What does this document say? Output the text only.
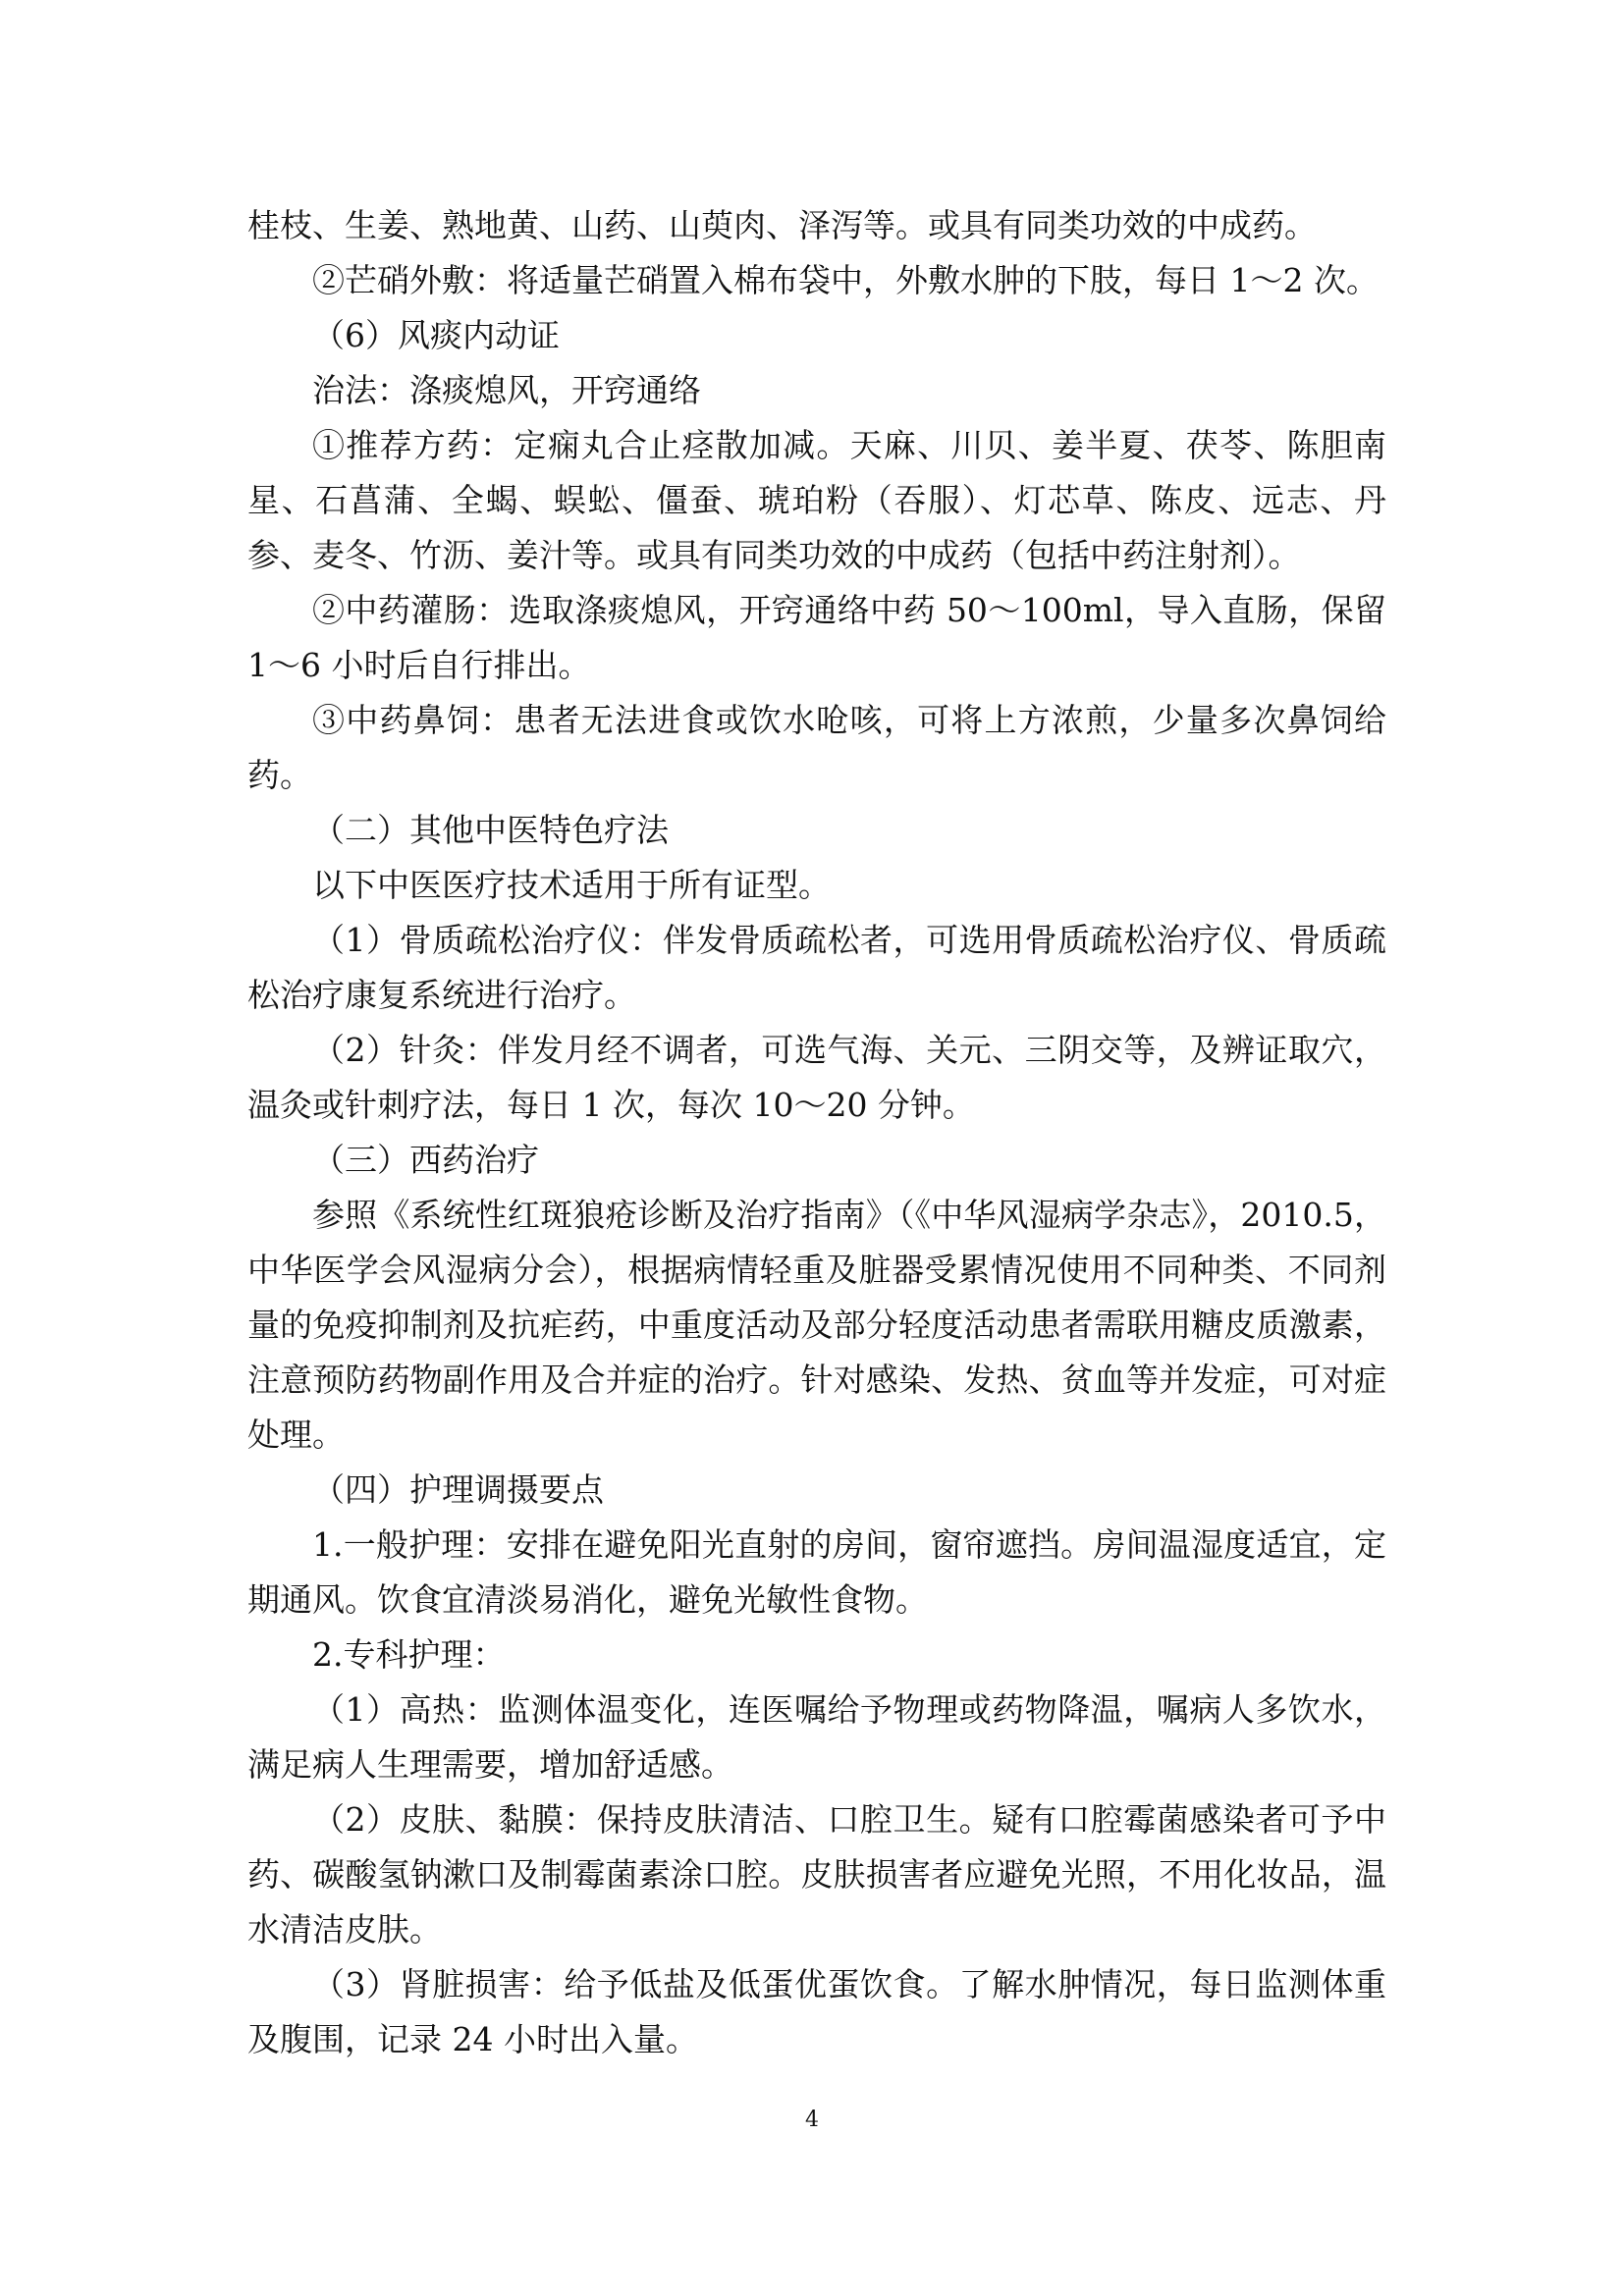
桂枝、生姜、熟地黄、山药、山萸肉、泽泻等。或具有同类功效的中成药。

②芒硝外敷：将适量芒硝置入棉布袋中，外敷水肿的下肢，每日 1～2 次。

（6）风痰内动证

治法：涤痰熄风，开窍通络

①推荐方药：定痫丸合止痉散加减。天麻、川贝、姜半夏、茯苓、陈胆南星、石菖蒲、全蝎、蜈蚣、僵蚕、琥珀粉（吞服）、灯芯草、陈皮、远志、丹参、麦冬、竹沥、姜汁等。或具有同类功效的中成药（包括中药注射剂）。

②中药灌肠：选取涤痰熄风，开窍通络中药 50～100ml，导入直肠，保留 1～6 小时后自行排出。

③中药鼻饲：患者无法进食或饮水呛咳，可将上方浓煎，少量多次鼻饲给药。

（二）其他中医特色疗法

以下中医医疗技术适用于所有证型。

（1）骨质疏松治疗仪：伴发骨质疏松者，可选用骨质疏松治疗仪、骨质疏松治疗康复系统进行治疗。

（2）针灸：伴发月经不调者，可选气海、关元、三阴交等，及辨证取穴，温灸或针刺疗法，每日 1 次，每次 10～20 分钟。

（三）西药治疗

参照《系统性红斑狼疮诊断及治疗指南》（《中华风湿病学杂志》，2010.5，中华医学会风湿病分会），根据病情轻重及脏器受累情况使用不同种类、不同剂量的免疫抑制剂及抗疟药，中重度活动及部分轻度活动患者需联用糖皮质激素，注意预防药物副作用及合并症的治疗。针对感染、发热、贫血等并发症，可对症处理。

（四）护理调摄要点

1.一般护理：安排在避免阳光直射的房间，窗帘遮挡。房间温湿度适宜，定期通风。饮食宜清淡易消化，避免光敏性食物。

2.专科护理：

（1）高热：监测体温变化，连医嘱给予物理或药物降温，嘱病人多饮水，满足病人生理需要，增加舒适感。

（2）皮肤、黏膜：保持皮肤清洁、口腔卫生。疑有口腔霉菌感染者可予中药、碳酸氢钠漱口及制霉菌素涂口腔。皮肤损害者应避免光照，不用化妆品，温水清洁皮肤。

（3）肾脏损害：给予低盐及低蛋优蛋饮食。了解水肿情况，每日监测体重及腹围，记录 24 小时出入量。

4
